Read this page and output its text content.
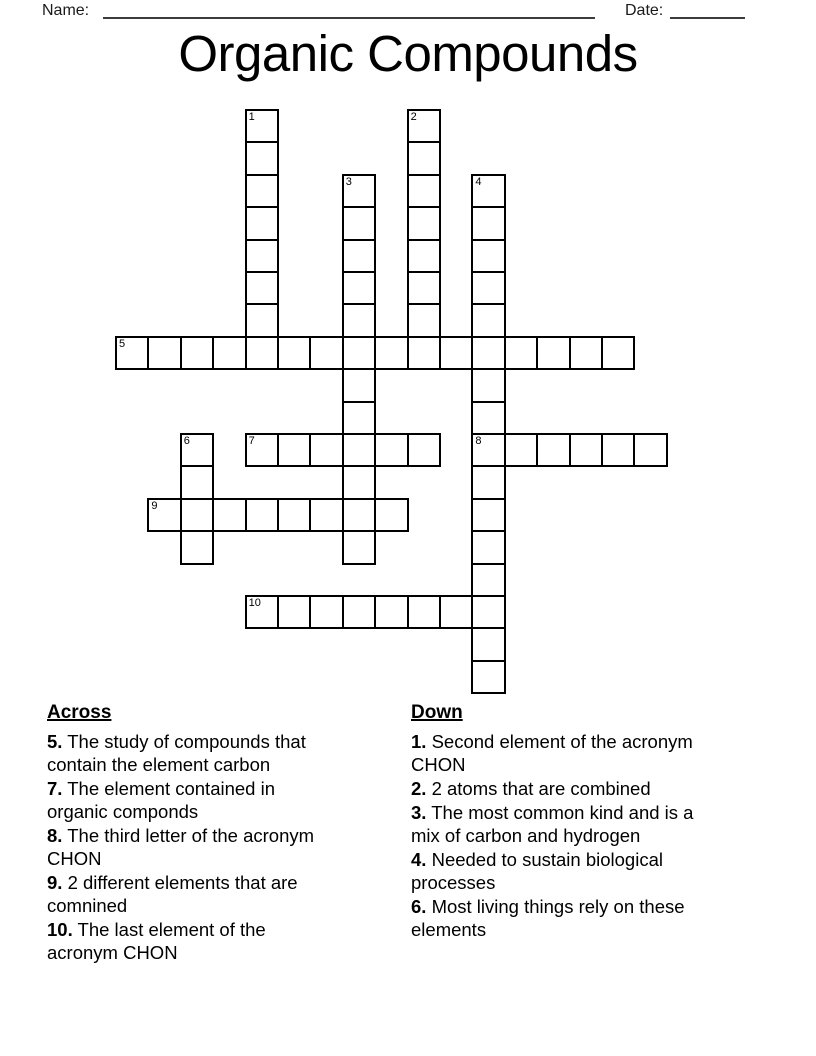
Name:	Date:
Organic Compounds
1	2
3	4
5
6	7	8
9
10

Across

5. The study of compounds that
contain the element carbon

7. The element contained in
organic componds

8. The third letter of the acronym
CHON

9. 2 different elements that are
comnined

10. The last element of the
acronym CHON

Down

1. Second element of the acronym
CHON

2. 2 atoms that are combined

3. The most common kind and is a
mix of carbon and hydrogen

4. Needed to sustain biological
processes

6. Most living things rely on these
elements
